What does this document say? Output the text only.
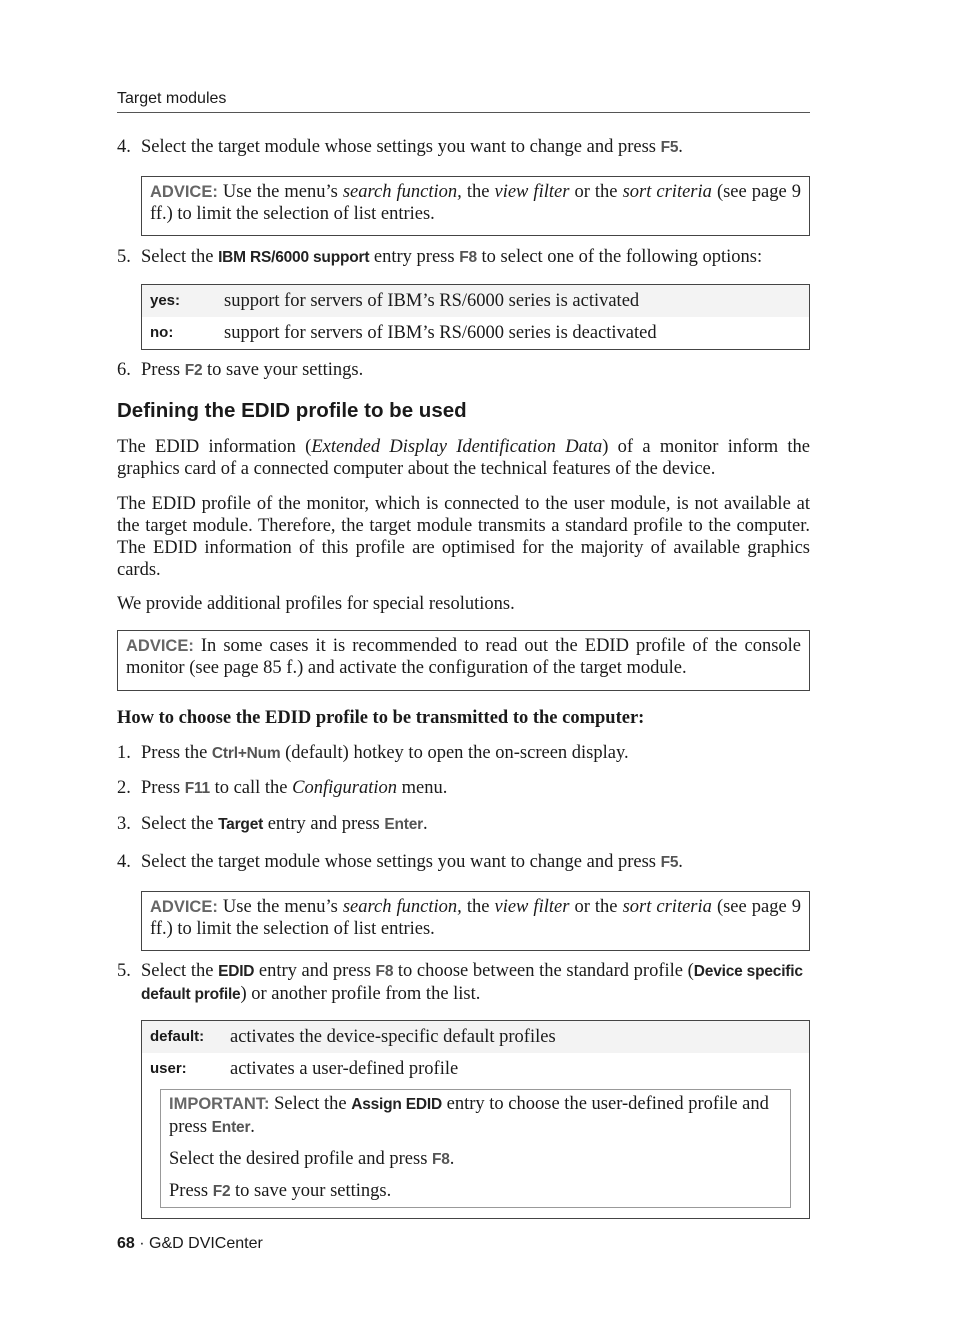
Target modules
4. Select the target module whose settings you want to change and press F5.
ADVICE: Use the menu’s search function, the view filter or the sort criteria (see page 9 ff.) to limit the selection of list entries.
5. Select the IBM RS/6000 support entry press F8 to select one of the following options:
yes:	support for servers of IBM’s RS/6000 series is activated
no:	support for servers of IBM’s RS/6000 series is deactivated
6. Press F2 to save your settings.
Defining the EDID profile to be used
The EDID information (Extended Display Identification Data) of a monitor inform the graphics card of a connected computer about the technical features of the device.
The EDID profile of the monitor, which is connected to the user module, is not available at the target module. Therefore, the target module transmits a standard profile to the computer. The EDID information of this profile are optimised for the majority of available graphics cards.
We provide additional profiles for special resolutions.
ADVICE: In some cases it is recommended to read out the EDID profile of the console monitor (see page 85 f.) and activate the configuration of the target module.
How to choose the EDID profile to be transmitted to the computer:
1. Press the Ctrl+Num (default) hotkey to open the on-screen display.
2. Press F11 to call the Configuration menu.
3. Select the Target entry and press Enter.
4. Select the target module whose settings you want to change and press F5.
ADVICE: Use the menu’s search function, the view filter or the sort criteria (see page 9 ff.) to limit the selection of list entries.
5. Select the EDID entry and press F8 to choose between the standard profile (Device specific default profile) or another profile from the list.
default:	activates the device-specific default profiles
user:	activates a user-defined profile

IMPORTANT: Select the Assign EDID entry to choose the user-defined profile and press Enter.

Select the desired profile and press F8.

Press F2 to save your settings.

68 · G&D DVICenter
